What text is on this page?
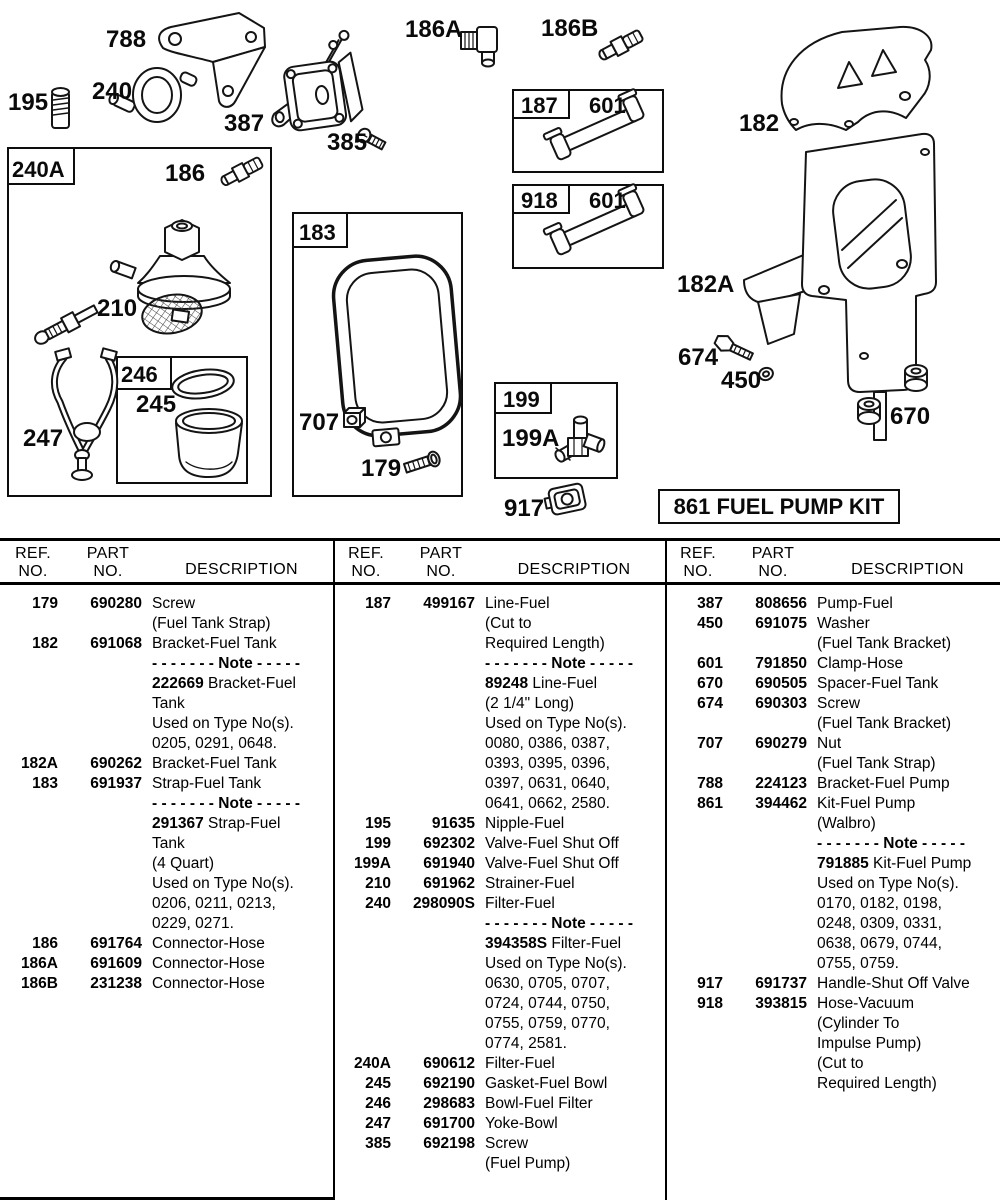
788
195 240
387
385
186A	186B
182
182A
674
450
670
186
210
245
247
707
179
917
199A
240A
183
187 601
918 601
199
246
861 FUEL PUMP KIT
REF.
NO.
PART
NO.	DESCRIPTION
REF.
NO.
PART
NO.	DESCRIPTION
REF.
NO.
PART
NO.	DESCRIPTION
179	690280 Screw
(Fuel Tank Strap)
182	691068 Bracket-Fuel Tank
- - - - - - - Note - - - - -
222669 Bracket-Fuel
Tank
Used on Type No(s).
0205, 0291, 0648.
182A	690262 Bracket-Fuel Tank
183	691937 Strap-Fuel Tank
- - - - - - - Note - - - - -
291367 Strap-Fuel
Tank
(4 Quart)
Used on Type No(s).
0206, 0211, 0213,
0229, 0271.
186	691764 Connector-Hose
186A	691609 Connector-Hose
186B	231238 Connector-Hose
187	499167 Line-Fuel
(Cut to
Required Length)
- - - - - - - Note - - - - -
89248 Line-Fuel
(2 1/4" Long)
Used on Type No(s).
0080, 0386, 0387,
0393, 0395, 0396,
0397, 0631, 0640,
0641, 0662, 2580.
195	91635 Nipple-Fuel
199	692302 Valve-Fuel Shut Off
199A	691940 Valve-Fuel Shut Off
210	691962 Strainer-Fuel
240	298090S Filter-Fuel
- - - - - - - Note - - - - -
394358S Filter-Fuel
Used on Type No(s).
0630, 0705, 0707,
0724, 0744, 0750,
0755, 0759, 0770,
0774, 2581.
240A	690612 Filter-Fuel
245	692190 Gasket-Fuel Bowl
246	298683 Bowl-Fuel Filter
247	691700 Yoke-Bowl
385	692198 Screw
(Fuel Pump)
387	808656 Pump-Fuel
450	691075 Washer
(Fuel Tank Bracket)
601	791850 Clamp-Hose
670	690505 Spacer-Fuel Tank
674	690303 Screw
(Fuel Tank Bracket)
707	690279 Nut
(Fuel Tank Strap)
788	224123 Bracket-Fuel Pump
861	394462 Kit-Fuel Pump
(Walbro)
- - - - - - - Note - - - - -
791885 Kit-Fuel Pump
Used on Type No(s).
0170, 0182, 0198,
0248, 0309, 0331,
0638, 0679, 0744,
0755, 0759.
917	691737 Handle-Shut Off Valve
918	393815 Hose-Vacuum
(Cylinder To
Impulse Pump)
(Cut to
Required Length)
